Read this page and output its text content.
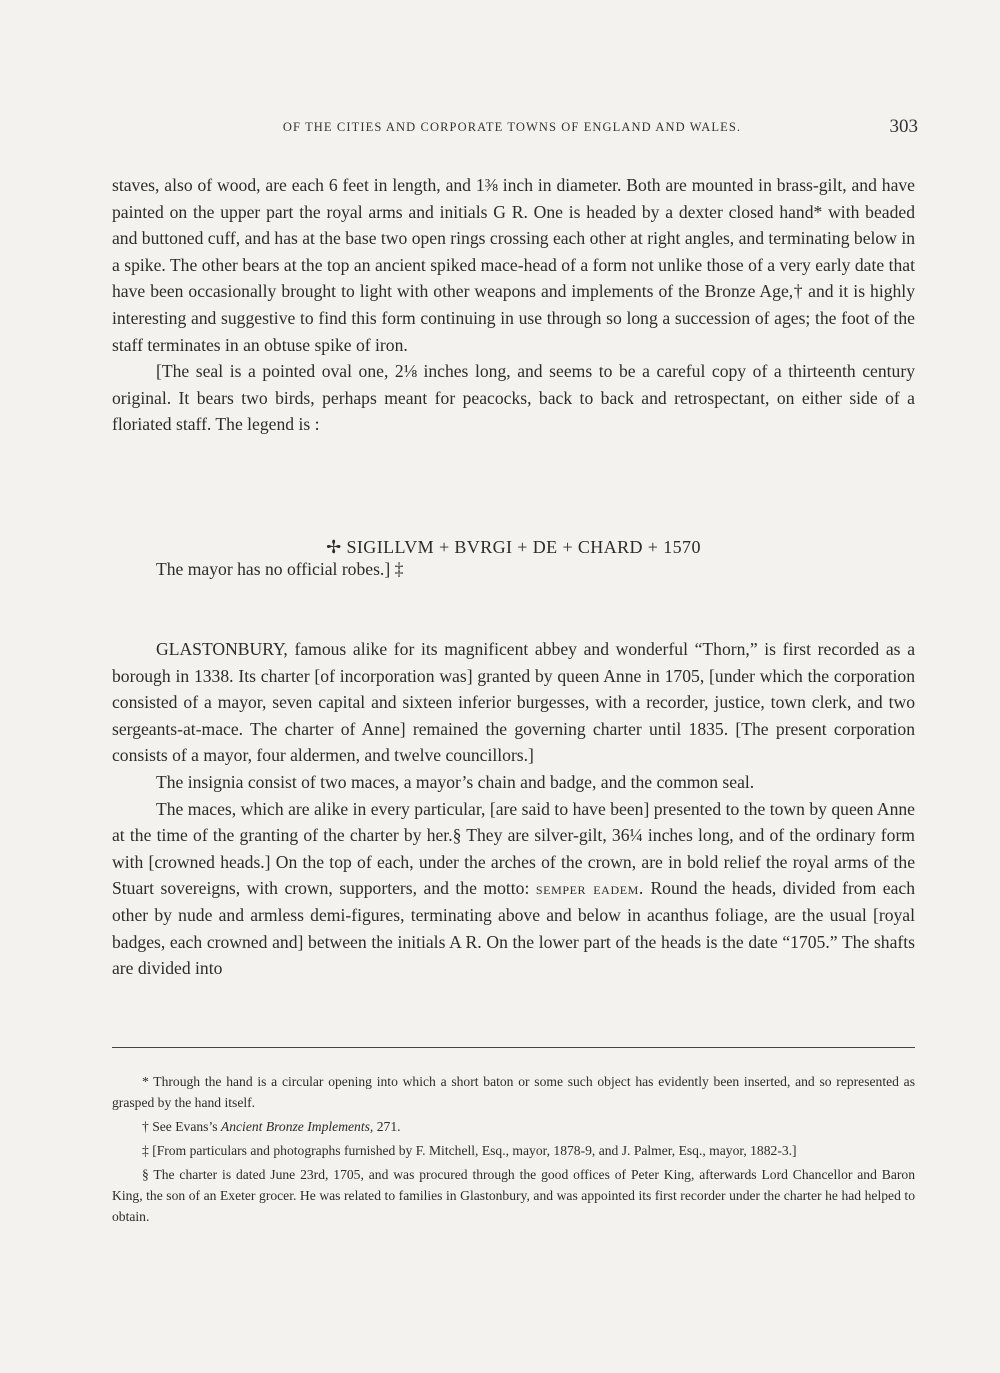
OF THE CITIES AND CORPORATE TOWNS OF ENGLAND AND WALES.	303

staves, also of wood, are each 6 feet in length, and 1⅜ inch in diameter. Both are mounted in brass-gilt, and have painted on the upper part the royal arms and initials G R. One is headed by a dexter closed hand* with beaded and buttoned cuff, and has at the base two open rings crossing each other at right angles, and terminating below in a spike. The other bears at the top an ancient spiked mace-head of a form not unlike those of a very early date that have been occasionally brought to light with other weapons and implements of the Bronze Age,† and it is highly interesting and suggestive to find this form continuing in use through so long a succession of ages; the foot of the staff terminates in an obtuse spike of iron.

[The seal is a pointed oval one, 2⅛ inches long, and seems to be a careful copy of a thirteenth century original. It bears two birds, perhaps meant for peacocks, back to back and retrospectant, on either side of a floriated staff. The legend is :

✢ SIGILLVM + BVRGI + DE + CHARD + 1570

The mayor has no official robes.] ‡

GLASTONBURY, famous alike for its magnificent abbey and wonderful “Thorn,” is first recorded as a borough in 1338. Its charter [of incorporation was] granted by queen Anne in 1705, [under which the corporation consisted of a mayor, seven capital and sixteen inferior burgesses, with a recorder, justice, town clerk, and two sergeants-at-mace. The charter of Anne] remained the governing charter until 1835. [The present corporation consists of a mayor, four aldermen, and twelve councillors.]

The insignia consist of two maces, a mayor’s chain and badge, and the common seal.

The maces, which are alike in every particular, [are said to have been] presented to the town by queen Anne at the time of the granting of the charter by her.§ They are silver-gilt, 36¼ inches long, and of the ordinary form with [crowned heads.] On the top of each, under the arches of the crown, are in bold relief the royal arms of the Stuart sovereigns, with crown, supporters, and the motto: semper eadem. Round the heads, divided from each other by nude and armless demi-figures, terminating above and below in acanthus foliage, are the usual [royal badges, each crowned and] between the initials A R. On the lower part of the heads is the date “1705.” The shafts are divided into

* Through the hand is a circular opening into which a short baton or some such object has evidently been inserted, and so represented as grasped by the hand itself.

† See Evans’s Ancient Bronze Implements, 271.

‡ [From particulars and photographs furnished by F. Mitchell, Esq., mayor, 1878-9, and J. Palmer, Esq., mayor, 1882-3.]

§ The charter is dated June 23rd, 1705, and was procured through the good offices of Peter King, afterwards Lord Chancellor and Baron King, the son of an Exeter grocer. He was related to families in Glastonbury, and was appointed its first recorder under the charter he had helped to obtain.
